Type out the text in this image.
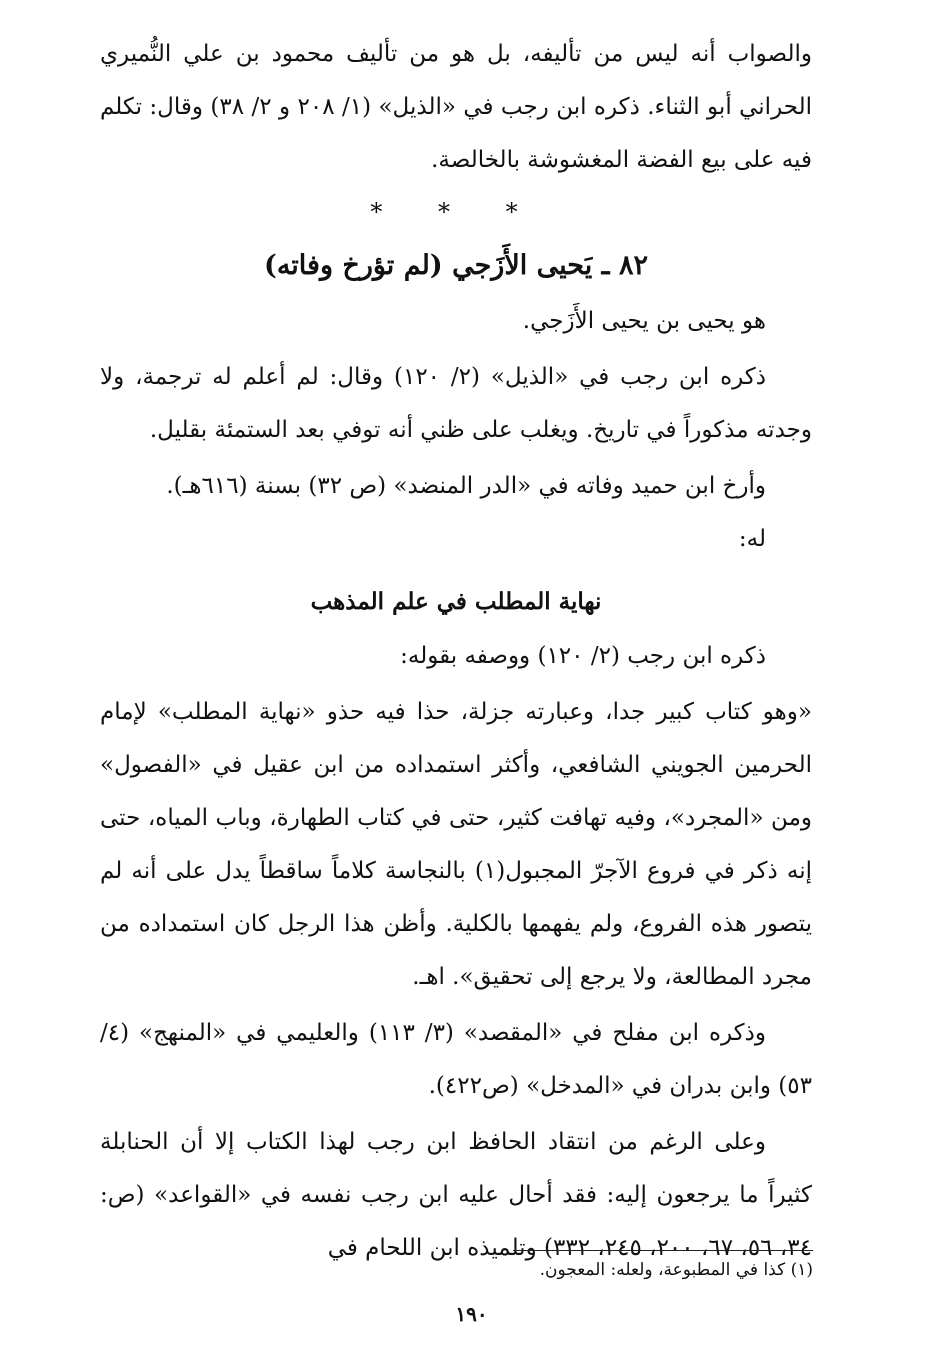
والصواب أنه ليس من تأليفه، بل هو من تأليف محمود بن علي النُّميري الحراني أبو الثناء. ذكره ابن رجب في «الذيل» (١/ ٢٠٨ و ٢/ ٣٨) وقال: تكلم فيه على بيع الفضة المغشوشة بالخالصة.

* * *

٨٢ ـ يَحيى الأَزَجي (لم تؤرخ وفاته)

هو يحيى بن يحيى الأَزَجي.

ذكره ابن رجب في «الذيل» (٢/ ١٢٠) وقال: لم أعلم له ترجمة، ولا وجدته مذكوراً في تاريخ. ويغلب على ظني أنه توفي بعد الستمئة بقليل.

وأرخ ابن حميد وفاته في «الدر المنضد» (ص ٣٢) بسنة (٦١٦هـ).

له:

نهاية المطلب في علم المذهب

ذكره ابن رجب (٢/ ١٢٠) ووصفه بقوله:

«وهو كتاب كبير جدا، وعبارته جزلة، حذا فيه حذو «نهاية المطلب» لإمام الحرمين الجويني الشافعي، وأكثر استمداده من ابن عقيل في «الفصول» ومن «المجرد»، وفيه تهافت كثير، حتى في كتاب الطهارة، وباب المياه، حتى إنه ذكر في فروع الآجرّ المجبول(١) بالنجاسة كلاماً ساقطاً يدل على أنه لم يتصور هذه الفروع، ولم يفهمها بالكلية. وأظن هذا الرجل كان استمداده من مجرد المطالعة، ولا يرجع إلى تحقيق». اهـ.

وذكره ابن مفلح في «المقصد» (٣/ ١١٣) والعليمي في «المنهج» (٤/ ٥٣) وابن بدران في «المدخل» (ص٤٢٢).

وعلى الرغم من انتقاد الحافظ ابن رجب لهذا الكتاب إلا أن الحنابلة كثيراً ما يرجعون إليه: فقد أحال عليه ابن رجب نفسه في «القواعد» (ص: ٣٤، ٥٦، ٦٧، ٢٠٠، ٢٤٥، ٣٣٢) وتلميذه ابن اللحام في

(١) كذا في المطبوعة، ولعله: المعجون.

١٩٠
